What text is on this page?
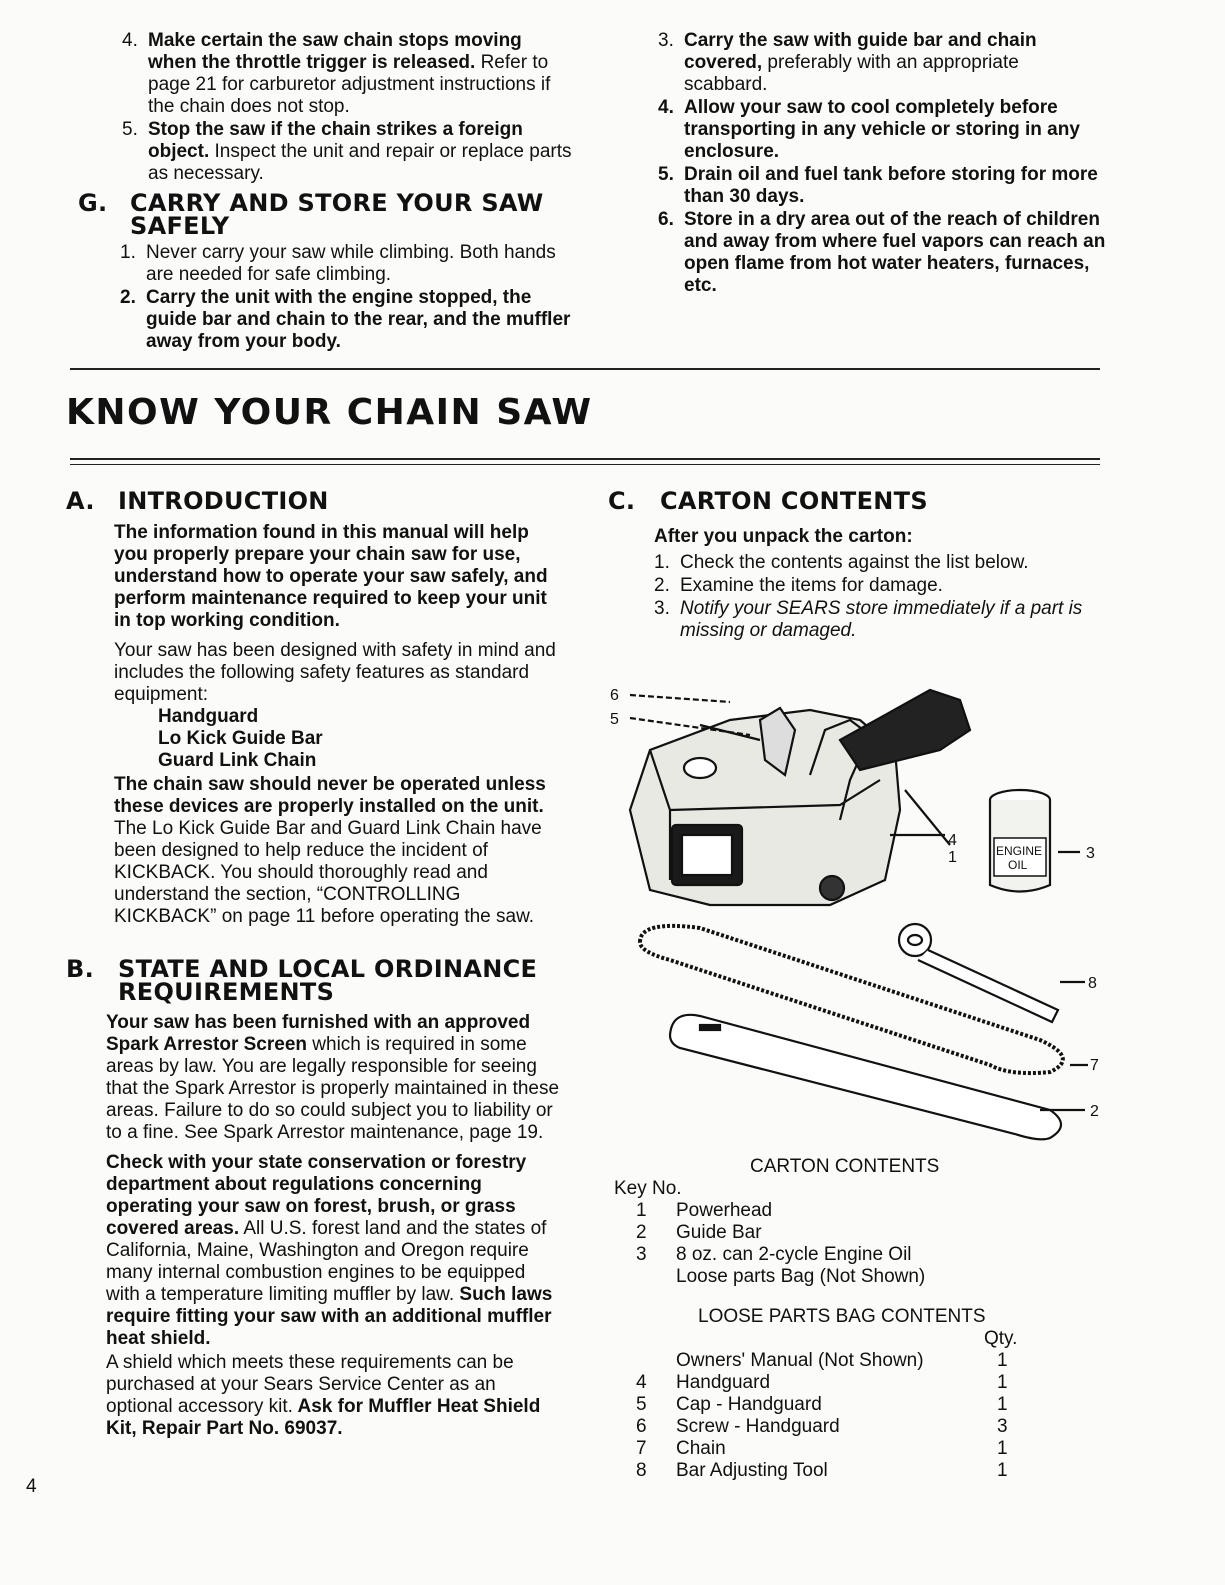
4. Make certain the saw chain stops moving when the throttle trigger is released. Refer to page 21 for carburetor adjustment instructions if the chain does not stop.
5. Stop the saw if the chain strikes a foreign object. Inspect the unit and repair or replace parts as necessary.
G. CARRY AND STORE YOUR SAW SAFELY
1. Never carry your saw while climbing. Both hands are needed for safe climbing.
2. Carry the unit with the engine stopped, the guide bar and chain to the rear, and the muffler away from your body.
3. Carry the saw with guide bar and chain covered, preferably with an appropriate scabbard.
4. Allow your saw to cool completely before transporting in any vehicle or storing in any enclosure.
5. Drain oil and fuel tank before storing for more than 30 days.
6. Store in a dry area out of the reach of children and away from where fuel vapors can reach an open flame from hot water heaters, furnaces, etc.
KNOW YOUR CHAIN SAW
A. INTRODUCTION

The information found in this manual will help you properly prepare your chain saw for use, understand how to operate your saw safely, and perform maintenance required to keep your unit in top working condition.

Your saw has been designed with safety in mind and includes the following safety features as standard equipment:

Handguard

Lo Kick Guide Bar

Guard Link Chain

The chain saw should never be operated unless these devices are properly installed on the unit. The Lo Kick Guide Bar and Guard Link Chain have been designed to help reduce the incident of KICKBACK. You should thoroughly read and understand the section, “CONTROLLING KICKBACK” on page 11 before operating the saw.

B. STATE AND LOCAL ORDINANCE REQUIREMENTS

Your saw has been furnished with an approved Spark Arrestor Screen which is required in some areas by law. You are legally responsible for seeing that the Spark Arrestor is properly maintained in these areas. Failure to do so could subject you to liability or to a fine. See Spark Arrestor maintenance, page 19.

Check with your state conservation or forestry department about regulations concerning operating your saw on forest, brush, or grass covered areas. All U.S. forest land and the states of California, Maine, Washington and Oregon require many internal combustion engines to be equipped with a temperature limiting muffler by law. Such laws require fitting your saw with an additional muffler heat shield.

A shield which meets these requirements can be purchased at your Sears Service Center as an optional accessory kit. Ask for Muffler Heat Shield Kit, Repair Part No. 69037.

C.	CARTON CONTENTS

After you unpack the carton:

1. Check the contents against the list below.
2. Examine the items for damage.
3. Notify your SEARS store immediately if a part is missing or damaged.
6
5
4
1	3
8
7
2
ENGINE
OIL
CARTON CONTENTS
Key No.
1 Powerhead
2 Guide Bar
3 8 oz. can 2-cycle Engine Oil
Loose parts Bag (Not Shown)
LOOSE PARTS BAG CONTENTS
Qty.
Owners' Manual (Not Shown)	1
4 Handguard	1
5 Cap - Handguard	1
6 Screw - Handguard	3
7 Chain	1
8 Bar Adjusting Tool	1
4
